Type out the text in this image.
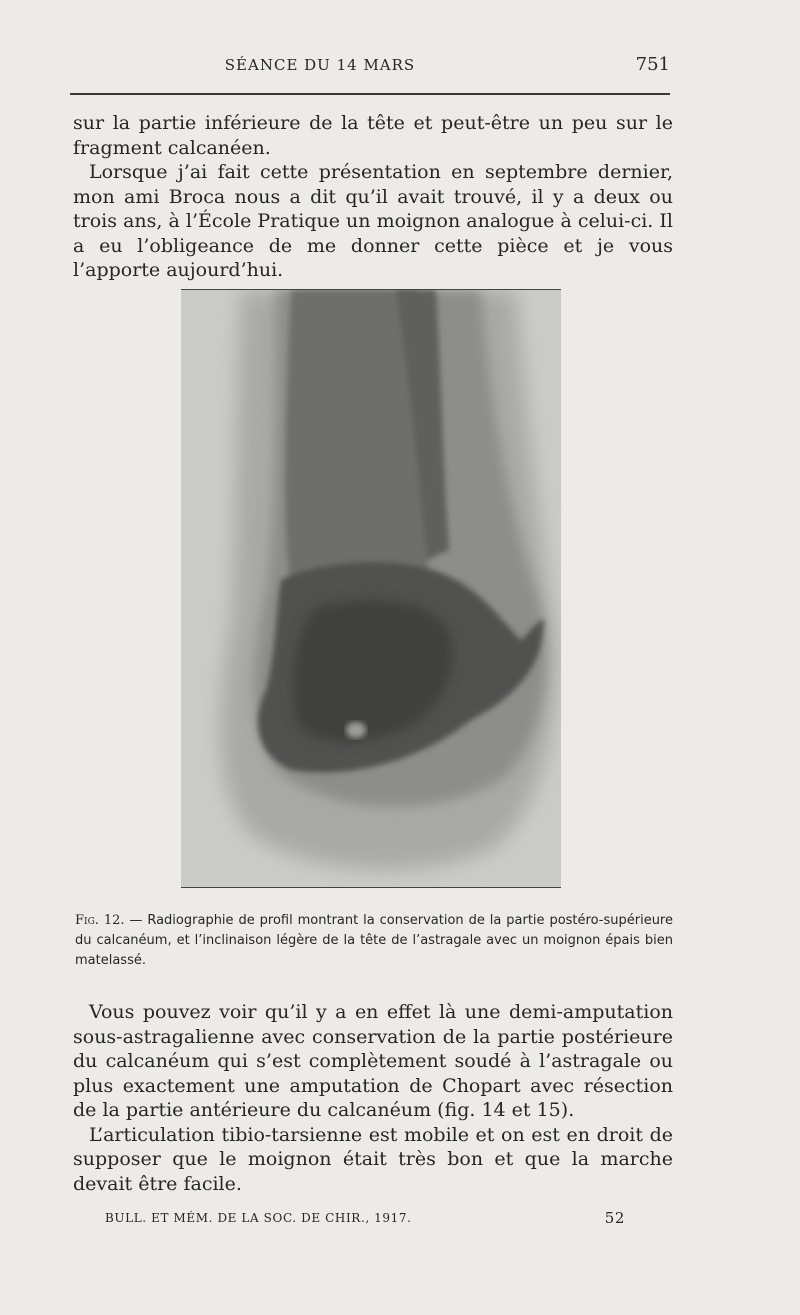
SÉANCE DU 14 MARS	751

sur la partie inférieure de la tête et peut-être un peu sur le fragment calcanéen.

Lorsque j’ai fait cette présentation en septembre dernier, mon ami Broca nous a dit qu’il avait trouvé, il y a deux ou trois ans, à l’École Pratique un moignon analogue à celui-ci. Il a eu l’obligeance de me donner cette pièce et je vous l’apporte aujourd’hui.

Fig. 12. — Radiographie de profil montrant la conservation de la partie postéro-supérieure du calcanéum, et l’inclinaison légère de la tête de l’astragale avec un moignon épais bien matelassé.

Vous pouvez voir qu’il y a en effet là une demi-amputation sous-astragalienne avec conservation de la partie postérieure du calcanéum qui s’est complètement soudé à l’astragale ou plus exactement une amputation de Chopart avec résection de la partie antérieure du calcanéum (fig. 14 et 15).

L’articulation tibio-tarsienne est mobile et on est en droit de supposer que le moignon était très bon et que la marche devait être facile.

BULL. ET MÉM. DE LA SOC. DE CHIR., 1917.	52
